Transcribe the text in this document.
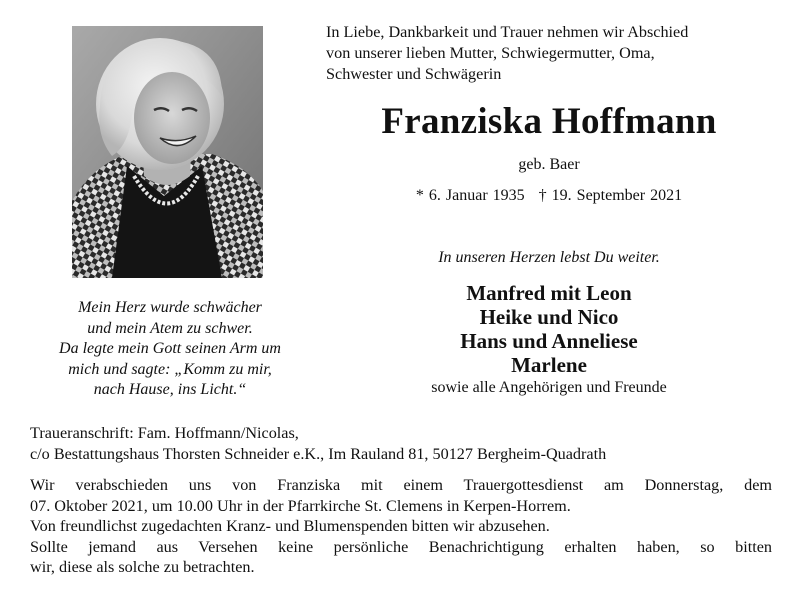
In Liebe, Dankbarkeit und Trauer nehmen wir Abschied
von unserer lieben Mutter, Schwiegermutter, Oma,
Schwester und Schwägerin
Franziska Hoffmann
geb. Baer
* 6. Januar 1935 † 19. September 2021
In unseren Herzen lebst Du weiter.
Manfred mit Leon
Heike und Nico
Hans und Anneliese
Marlene
sowie alle Angehörigen und Freunde
Mein Herz wurde schwächer
und mein Atem zu schwer.
Da legte mein Gott seinen Arm um
mich und sagte: „Komm zu mir,
nach Hause, ins Licht.“
Traueranschrift: Fam. Hoffmann/Nicolas,
c/o Bestattungshaus Thorsten Schneider e.K., Im Rauland 81, 50127 Bergheim-Quadrath
Wir verabschieden uns von Franziska mit einem Trauergottesdienst am Donnerstag, dem
07. Oktober 2021, um 10.00 Uhr in der Pfarrkirche St. Clemens in Kerpen-Horrem.
Von freundlichst zugedachten Kranz- und Blumenspenden bitten wir abzusehen.
Sollte jemand aus Versehen keine persönliche Benachrichtigung erhalten haben, so bitten
wir, diese als solche zu betrachten.
